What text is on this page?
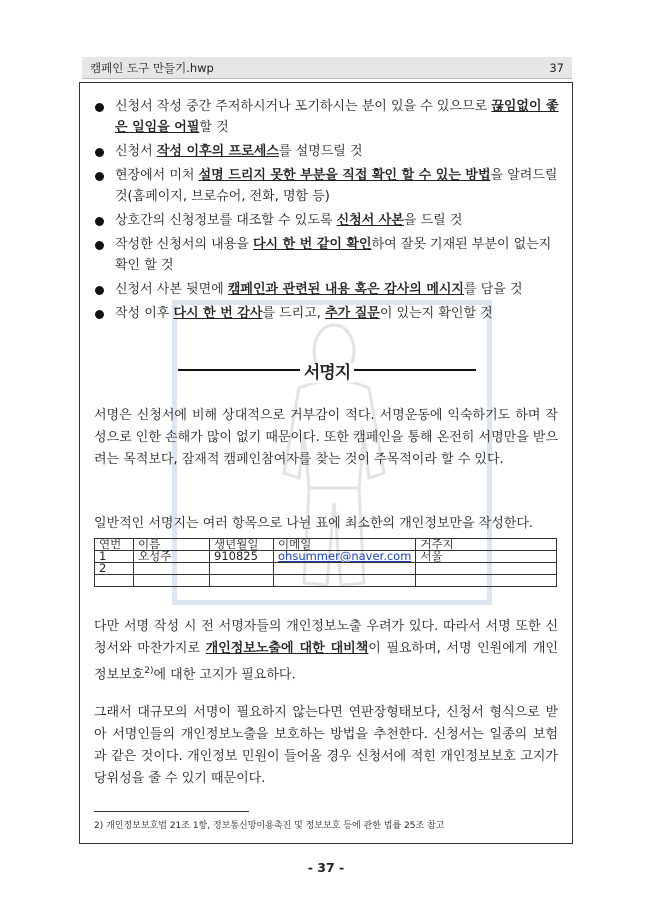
캠페인 도구 만들기.hwp	37
신청서 작성 중간 주저하시거나 포기하시는 분이 있을 수 있으므로 끊임없이 좋은 일임을 어필할 것
신청서 작성 이후의 프로세스를 설명드릴 것
현장에서 미처 설명 드리지 못한 부분을 직접 확인 할 수 있는 방법을 알려드릴 것(홈페이지, 브로슈어, 전화, 명함 등)
상호간의 신청정보를 대조할 수 있도록 신청서 사본을 드릴 것
작성한 신청서의 내용을 다시 한 번 같이 확인하여 잘못 기재된 부분이 없는지 확인 할 것
신청서 사본 뒷면에 캠페인과 관련된 내용 혹은 감사의 메시지를 담을 것
작성 이후 다시 한 번 감사를 드리고, 추가 질문이 있는지 확인할 것
서명지

서명은 신청서에 비해 상대적으로 거부감이 적다. 서명운동에 익숙하기도 하며 작성으로 인한 손해가 많이 없기 때문이다. 또한 캠페인을 통해 온전히 서명만을 받으려는 목적보다, 잠재적 캠페인참여자를 찾는 것이 주목적이라 할 수 있다.

일반적인 서명지는 여러 항목으로 나뉜 표에 최소한의 개인정보만을 작성한다.

연번	이름	생년월일	이메일	거주지
1	오성주	910825	ohsummer@naver.com	서울
2				

다만 서명 작성 시 전 서명자들의 개인정보노출 우려가 있다. 따라서 서명 또한 신청서와 마찬가지로 개인정보노출에 대한 대비책이 필요하며, 서명 인원에게 개인정보보호$^{2)}$에 대한 고지가 필요하다.

그래서 대규모의 서명이 필요하지 않는다면 연판장형태보다, 신청서 형식으로 받아 서명인들의 개인정보노출을 보호하는 방법을 추천한다. 신청서는 일종의 보험과 같은 것이다. 개인정보 민원이 들어올 경우 신청서에 적힌 개인정보보호 고지가 당위성을 줄 수 있기 때문이다.

2) 개인정보보호법 21조 1항, 정보통신망이용촉진 및 정보보호 등에 관한 법률 25조 참고
- 37 -
